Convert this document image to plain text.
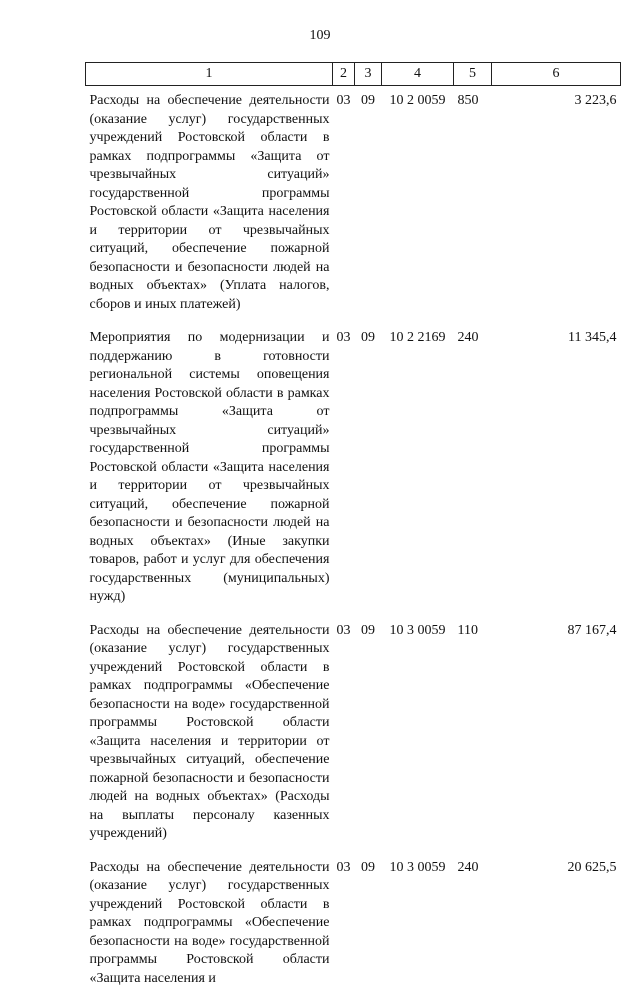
109
1	2	3	4	5	6
Расходы на обеспечение деятельности (оказание услуг) государственных учреждений Ростовской области в рамках подпрограммы «Защита от чрезвычайных ситуаций» государственной программы Ростовской области «Защита населения и территории от чрезвычайных ситуаций, обеспечение пожарной безопасности и безопасности людей на водных объектах» (Уплата налогов, сборов и иных платежей)	03	09	10 2 0059	850	3 223,6
Мероприятия по модернизации и поддержанию в готовности региональной системы оповещения населения Ростовской области в рамках подпрограммы «Защита от чрезвычайных ситуаций» государственной программы Ростовской области «Защита населения и территории от чрезвычайных ситуаций, обеспечение пожарной безопасности и безопасности людей на водных объектах» (Иные закупки товаров, работ и услуг для обеспечения государственных (муниципальных) нужд)	03	09	10 2 2169	240	11 345,4
Расходы на обеспечение деятельности (оказание услуг) государственных учреждений Ростовской области в рамках подпрограммы «Обеспечение безопасности на воде» государственной программы Ростовской области «Защита населения и территории от чрезвычайных ситуаций, обеспечение пожарной безопасности и безопасности людей на водных объектах» (Расходы на выплаты персоналу казенных учреждений)	03	09	10 3 0059	110	87 167,4
Расходы на обеспечение деятельности (оказание услуг) государственных учреждений Ростовской области в рамках подпрограммы «Обеспечение безопасности на воде» государственной программы Ростовской области «Защита населения и	03	09	10 3 0059	240	20 625,5
